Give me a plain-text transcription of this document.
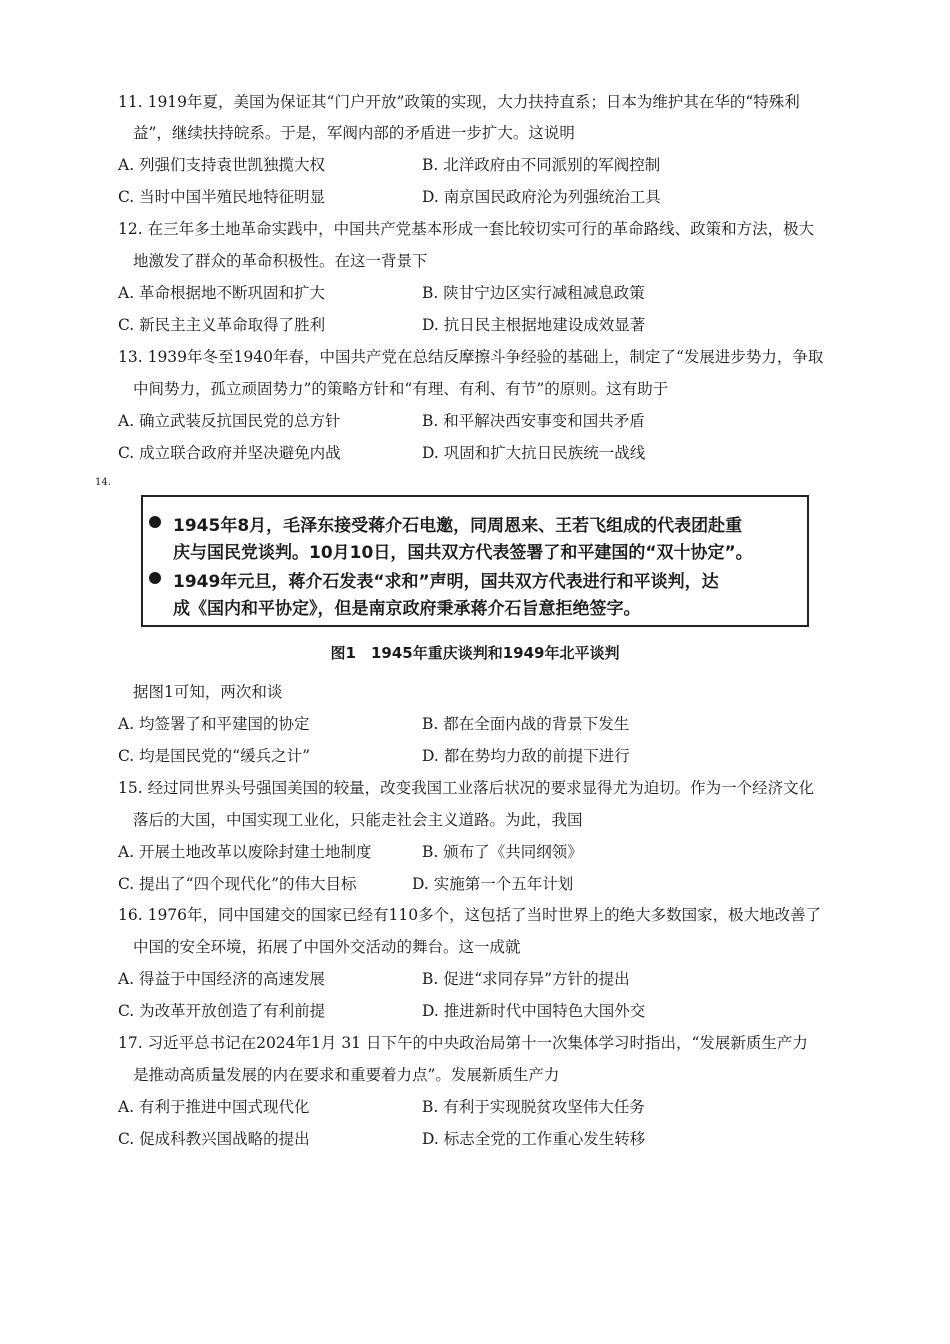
11. 1919年夏，美国为保证其“门户开放”政策的实现，大力扶持直系；日本为维护其在华的“特殊利
益”，继续扶持皖系。于是，军阀内部的矛盾进一步扩大。这说明
A. 列强们支持袁世凯独揽大权	B. 北洋政府由不同派别的军阀控制
C. 当时中国半殖民地特征明显	D. 南京国民政府沦为列强统治工具
12. 在三年多土地革命实践中，中国共产党基本形成一套比较切实可行的革命路线、政策和方法，极大
地激发了群众的革命积极性。在这一背景下
A. 革命根据地不断巩固和扩大	B. 陕甘宁边区实行减租减息政策
C. 新民主主义革命取得了胜利	D. 抗日民主根据地建设成效显著
13. 1939年冬至1940年春，中国共产党在总结反摩擦斗争经验的基础上，制定了“发展进步势力，争取
中间势力，孤立顽固势力”的策略方针和“有理、有利、有节”的原则。这有助于
A. 确立武装反抗国民党的总方针	B. 和平解决西安事变和国共矛盾
C. 成立联合政府并坚决避免内战	D. 巩固和扩大抗日民族统一战线
14.
1945年8月，毛泽东接受蒋介石电邀，同周恩来、王若飞组成的代表团赴重
庆与国民党谈判。10月10日，国共双方代表签署了和平建国的“双十协定”。
1949年元旦，蒋介石发表“求和”声明，国共双方代表进行和平谈判，达
成《国内和平协定》，但是南京政府秉承蒋介石旨意拒绝签字。
图1　1945年重庆谈判和1949年北平谈判
据图1可知，两次和谈
A. 均签署了和平建国的协定	B. 都在全面内战的背景下发生
C. 均是国民党的“缓兵之计”	D. 都在势均力敌的前提下进行
15. 经过同世界头号强国美国的较量，改变我国工业落后状况的要求显得尤为迫切。作为一个经济文化
落后的大国，中国实现工业化，只能走社会主义道路。为此，我国
A. 开展土地改革以废除封建土地制度	B. 颁布了《共同纲领》
C. 提出了“四个现代化”的伟大目标	D. 实施第一个五年计划
16. 1976年，同中国建交的国家已经有110多个，这包括了当时世界上的绝大多数国家，极大地改善了
中国的安全环境，拓展了中国外交活动的舞台。这一成就
A. 得益于中国经济的高速发展	B. 促进“求同存异”方针的提出
C. 为改革开放创造了有利前提	D. 推进新时代中国特色大国外交
17. 习近平总书记在2024年1月 31 日下午的中央政治局第十一次集体学习时指出，“发展新质生产力
是推动高质量发展的内在要求和重要着力点”。发展新质生产力
A. 有利于推进中国式现代化	B. 有利于实现脱贫攻坚伟大任务
C. 促成科教兴国战略的提出	D. 标志全党的工作重心发生转移
